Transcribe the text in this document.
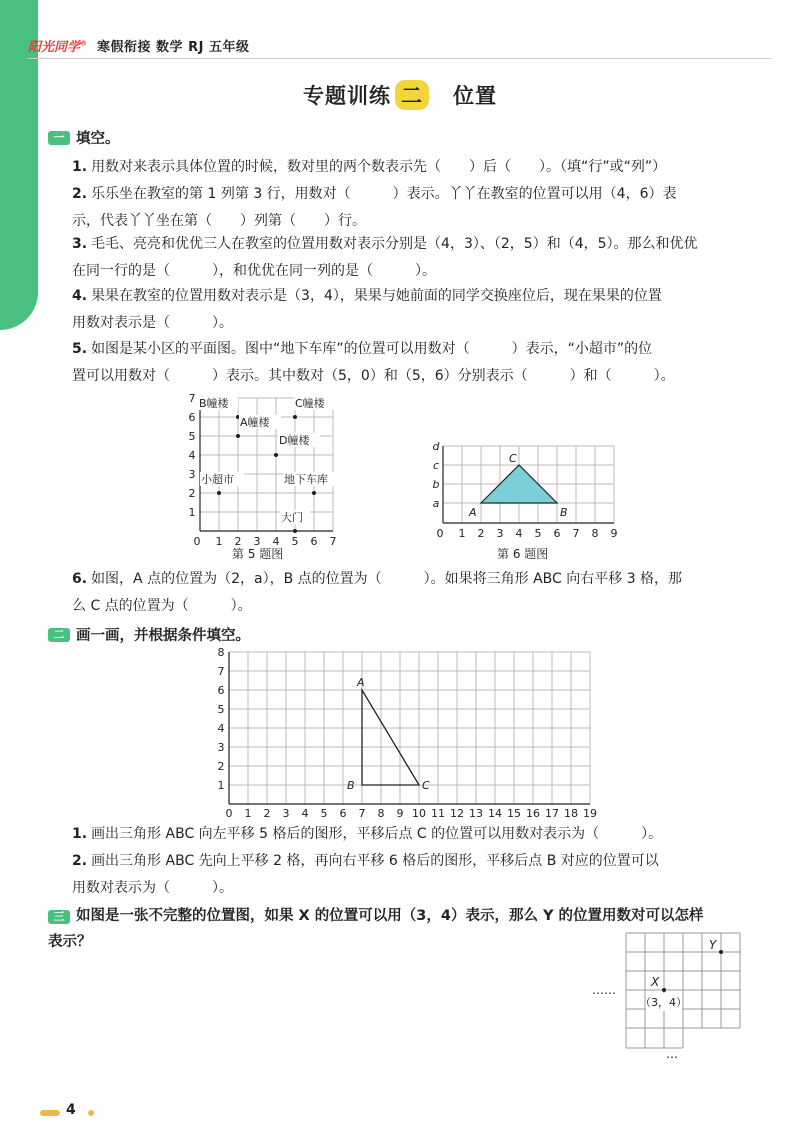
阳光同学® 寒假衔接 数学 RJ 五年级
专题训练 二 位置
一 填空。
1. 用数对来表示具体位置的时候，数对里的两个数表示先（　　）后（　　）。（填“行”或“列”）
2. 乐乐坐在教室的第 1 列第 3 行，用数对（　　　）表示。丫丫在教室的位置可以用（4，6）表
示，代表丫丫坐在第（　　）列第（　　）行。
3. 毛毛、亮亮和优优三人在教室的位置用数对表示分别是（4，3）、（2，5）和（4，5）。那么和优优
在同一行的是（　　　），和优优在同一列的是（　　　）。
4. 果果在教室的位置用数对表示是（3，4），果果与她前面的同学交换座位后，现在果果的位置
用数对表示是（　　　）。
5. 如图是某小区的平面图。图中“地下车库”的位置可以用数对（　　　）表示，“小超市”的位
置可以用数对（　　　）表示。其中数对（5，0）和（5，6）分别表示（　　　）和（　　　）。
0 1 2 3 4 5 6 7
1
2
3
4
5
6
7 B幢楼	C幢楼
A幢楼
D幢楼
小超市	地下车库
大门
第 5 题图
0 1 2 3 4 5 6 7 8 9
a
b
c
d
A	B
C
第 6 题图
6. 如图，A 点的位置为（2，a），B 点的位置为（　　　）。如果将三角形 ABC 向右平移 3 格，那
么 C 点的位置为（　　　）。
二 画一画，并根据条件填空。
0 1 2 3 4 5 6 7 8 9 10 11 12 13 14 15 16 17 18 19
1
2
3
4
5
6
7
8
A
B	C
1. 画出三角形 ABC 向左平移 5 格后的图形，平移后点 C 的位置可以用数对表示为（　　　）。
2. 画出三角形 ABC 先向上平移 2 格，再向右平移 6 格后的图形，平移后点 B 对应的位置可以
用数对表示为（　　　）。
三 如图是一张不完整的位置图，如果 X 的位置可以用（3，4）表示，那么 Y 的位置用数对可以怎样
表示？
X
Y
（3，4）
……
…
4
